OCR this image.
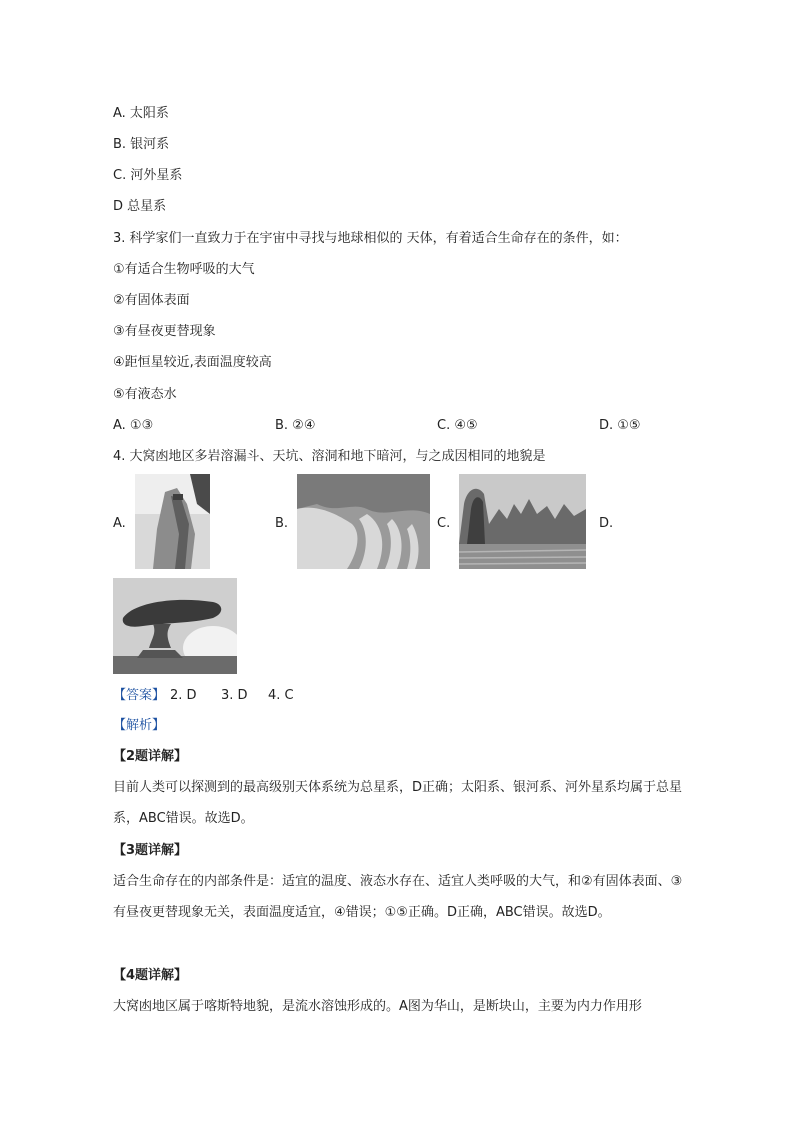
A. 太阳系
B. 银河系
C. 河外星系
D 总星系
3. 科学家们一直致力于在宇宙中寻找与地球相似的 天体，有着适合生命存在的条件，如：
①有适合生物呼吸的大气
②有固体表面
③有昼夜更替现象
④距恒星较近,表面温度较高
⑤有液态水
A. ①③	B. ②④	C. ④⑤	D. ①⑤
4. 大窝凼地区多岩溶漏斗、天坑、溶洞和地下暗河，与之成因相同的地貌是
A.	B.	C.	D.
【答案】 2. D 3. D 4. C
【解析】
【2题详解】
目前人类可以探测到的最高级别天体系统为总星系，D正确；太阳系、银河系、河外星系均属于总星系，ABC错误。故选D。
【3题详解】
适合生命存在的内部条件是：适宜的温度、液态水存在、适宜人类呼吸的大气，和②有固体表面、③有昼夜更替现象无关，表面温度适宜，④错误；①⑤正确。D正确，ABC错误。故选D。
【4题详解】
大窝凼地区属于喀斯特地貌，是流水溶蚀形成的。A图为华山，是断块山，主要为内力作用形
